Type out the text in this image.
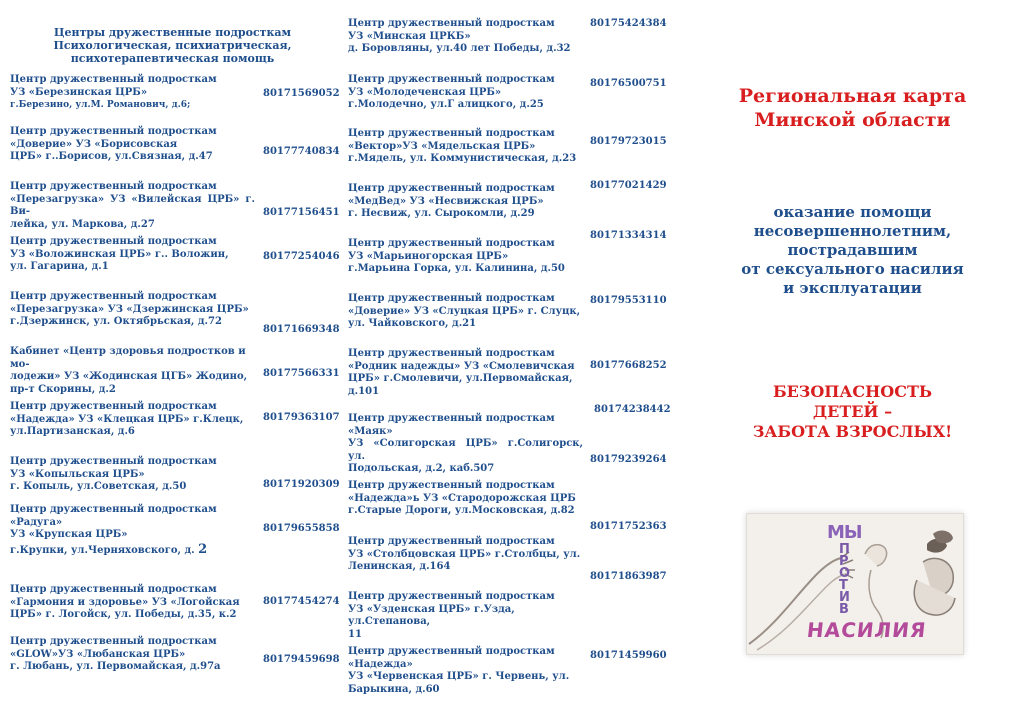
Центры дружественные подросткам
Психологическая, психиатрическая,
психотерапевтическая помощь
Центр дружественный подросткам
УЗ «Березинская ЦРБ»
г.Березино, ул.М. Романович, д.6;
80171569052
Центр дружественный подросткам
«Доверие» УЗ «Борисовская
ЦРБ» г..Борисов, ул.Связная, д.47	80177740834
Центр дружественный подросткам
«Перезагрузка» УЗ «Вилейская ЦРБ» г. Ви-
лейка, ул. Маркова, д.27
80177156451
Центр дружественный подросткам
УЗ «Воложинская ЦРБ» г.. Воложин,
ул. Гагарина, д.1
80177254046
Центр дружественный подросткам
«Перезагрузка» УЗ «Дзержинская ЦРБ»
г.Дзержинск, ул. Октябрьская, д.72
80171669348
Кабинет «Центр здоровья подростков и мо-
лодежи» УЗ «Жодинская ЦГБ» Жодино,
пр-т Скорины, д.2
80177566331
Центр дружественный подросткам
«Надежда» УЗ «Клецкая ЦРБ» г.Клецк,
ул.Партизанская, д.6
80179363107
Центр дружественный подросткам
УЗ «Копыльская ЦРБ»
г. Копыль, ул.Советская, д.50	80171920309
Центр дружественный подросткам
«Радуга»
УЗ «Крупская ЦРБ»
г.Крупки, ул.Черняховского, д. 2
80179655858
Центр дружественный подросткам
«Гармония и здоровье» УЗ «Логойская
ЦРБ» г. Логойск, ул. Победы, д.35, к.2
80177454274
Центр дружественный подросткам
«GLOW»УЗ «Любанская ЦРБ»
г. Любань, ул. Первомайская, д.97а
80179459698
Центр дружественный подросткам
УЗ «Минская ЦРКБ»
д. Боровляны, ул.40 лет Победы, д.32
80175424384
Центр дружественный подросткам
УЗ «Молодеченская ЦРБ»
г.Молодечно, ул.Г алицкого, д.25
80176500751
Центр дружественный подросткам
«Вектор»УЗ «Мядельская ЦРБ»
г.Мядель, ул. Коммунистическая, д.23
80179723015
Центр дружественный подросткам
«МедВед» УЗ «Несвижская ЦРБ»
г. Несвиж, ул. Сырокомли, д.29
80177021429
Центр дружественный подросткам
УЗ «Марьиногорская ЦРБ»
г.Марьина Горка, ул. Калинина, д.50
80171334314
Центр дружественный подросткам
«Доверие» УЗ «Слуцкая ЦРБ» г. Слуцк,
ул. Чайковского, д.21
80179553110
Центр дружественный подросткам
«Родник надежды» УЗ «Смолевичская
ЦРБ» г.Смолевичи, ул.Первомайская,
д.101
80177668252
Центр дружественный подросткам
«Маяк»
УЗ «Солигорская ЦРБ» г.Солигорск, ул.
Подольская, д.2, каб.507
80174238442
Центр дружественный подросткам
«Надежда»ь УЗ «Стародорожская ЦРБ
г.Старые Дороги, ул.Московская, д.82
80179239264
Центр дружественный подросткам
УЗ «Столбцовская ЦРБ» г.Столбцы, ул.
Ленинская, д.164
80171752363
Центр дружественный подросткам
УЗ «Узденская ЦРБ» г.Узда, ул.Степанова,
11
80171863987
Центр дружественный подросткам
«Надежда»
УЗ «Червенская ЦРБ» г. Червень, ул.
Барыкина, д.60
80171459960
Региональная карта
Минской области
оказание помощи
несовершеннолетним,
пострадавшим
от сексуального насилия
и эксплуатации
БЕЗОПАСНОСТЬ
ДЕТЕЙ –
ЗАБОТА ВЗРОСЛЫХ!
МЫ
ПРОТИВ
НАСИЛИЯ
